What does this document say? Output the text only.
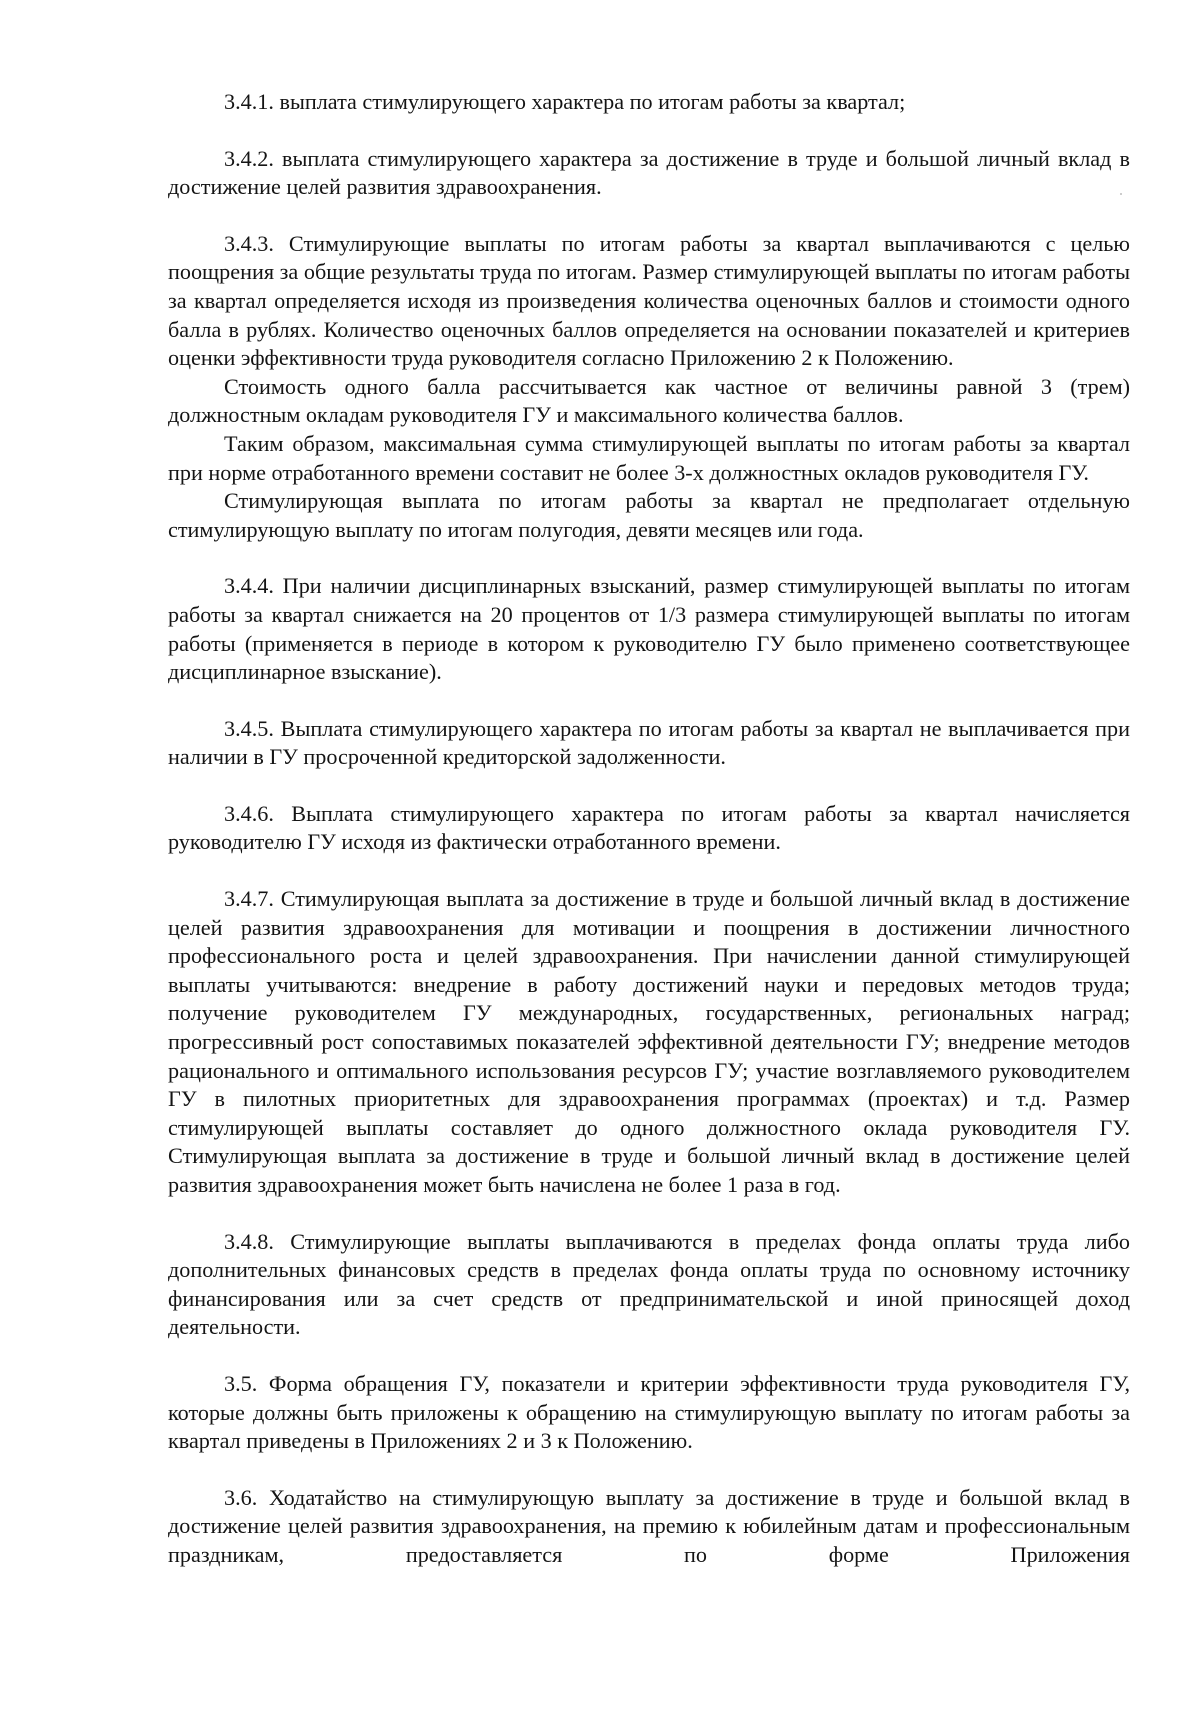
3.4.1. выплата стимулирующего характера по итогам работы за квартал;

3.4.2. выплата стимулирующего характера за достижение в труде и большой личный вклад в достижение целей развития здравоохранения.

3.4.3. Стимулирующие выплаты по итогам работы за квартал выплачиваются с целью поощрения за общие результаты труда по итогам. Размер стимулирующей выплаты по итогам работы за квартал определяется исходя из произведения количества оценочных баллов и стоимости одного балла в рублях. Количество оценочных баллов определяется на основании показателей и критериев оценки эффективности труда руководителя согласно Приложению 2 к Положению.

Стоимость одного балла рассчитывается как частное от величины равной 3 (трем) должностным окладам руководителя ГУ и максимального количества баллов.

Таким образом, максимальная сумма стимулирующей выплаты по итогам работы за квартал при норме отработанного времени составит не более 3-х должностных окладов руководителя ГУ.

Стимулирующая выплата по итогам работы за квартал не предполагает отдельную стимулирующую выплату по итогам полугодия, девяти месяцев или года.

3.4.4. При наличии дисциплинарных взысканий, размер стимулирующей выплаты по итогам работы за квартал снижается на 20 процентов от 1/3 размера стимулирующей выплаты по итогам работы (применяется в периоде в котором к руководителю ГУ было применено соответствующее дисциплинарное взыскание).

3.4.5. Выплата стимулирующего характера по итогам работы за квартал не выплачивается при наличии в ГУ просроченной кредиторской задолженности.

3.4.6. Выплата стимулирующего характера по итогам работы за квартал начисляется руководителю ГУ исходя из фактически отработанного времени.

3.4.7. Стимулирующая выплата за достижение в труде и большой личный вклад в достижение целей развития здравоохранения для мотивации и поощрения в достижении личностного профессионального роста и целей здравоохранения. При начислении данной стимулирующей выплаты учитываются: внедрение в работу достижений науки и передовых методов труда; получение руководителем ГУ международных, государственных, региональных наград; прогрессивный рост сопоставимых показателей эффективной деятельности ГУ; внедрение методов рационального и оптимального использования ресурсов ГУ; участие возглавляемого руководителем ГУ в пилотных приоритетных для здравоохранения программах (проектах) и т.д. Размер стимулирующей выплаты составляет до одного должностного оклада руководителя ГУ. Стимулирующая выплата за достижение в труде и большой личный вклад в достижение целей развития здравоохранения может быть начислена не более 1 раза в год.

3.4.8. Стимулирующие выплаты выплачиваются в пределах фонда оплаты труда либо дополнительных финансовых средств в пределах фонда оплаты труда по основному источнику финансирования или за счет средств от предпринимательской и иной приносящей доход деятельности.

3.5. Форма обращения ГУ, показатели и критерии эффективности труда руководителя ГУ, которые должны быть приложены к обращению на стимулирующую выплату по итогам работы за квартал приведены в Приложениях 2 и 3 к Положению.

3.6. Ходатайство на стимулирующую выплату за достижение в труде и большой вклад в достижение целей развития здравоохранения, на премию к юбилейным датам и профессиональным праздникам, предоставляется по форме Приложения
